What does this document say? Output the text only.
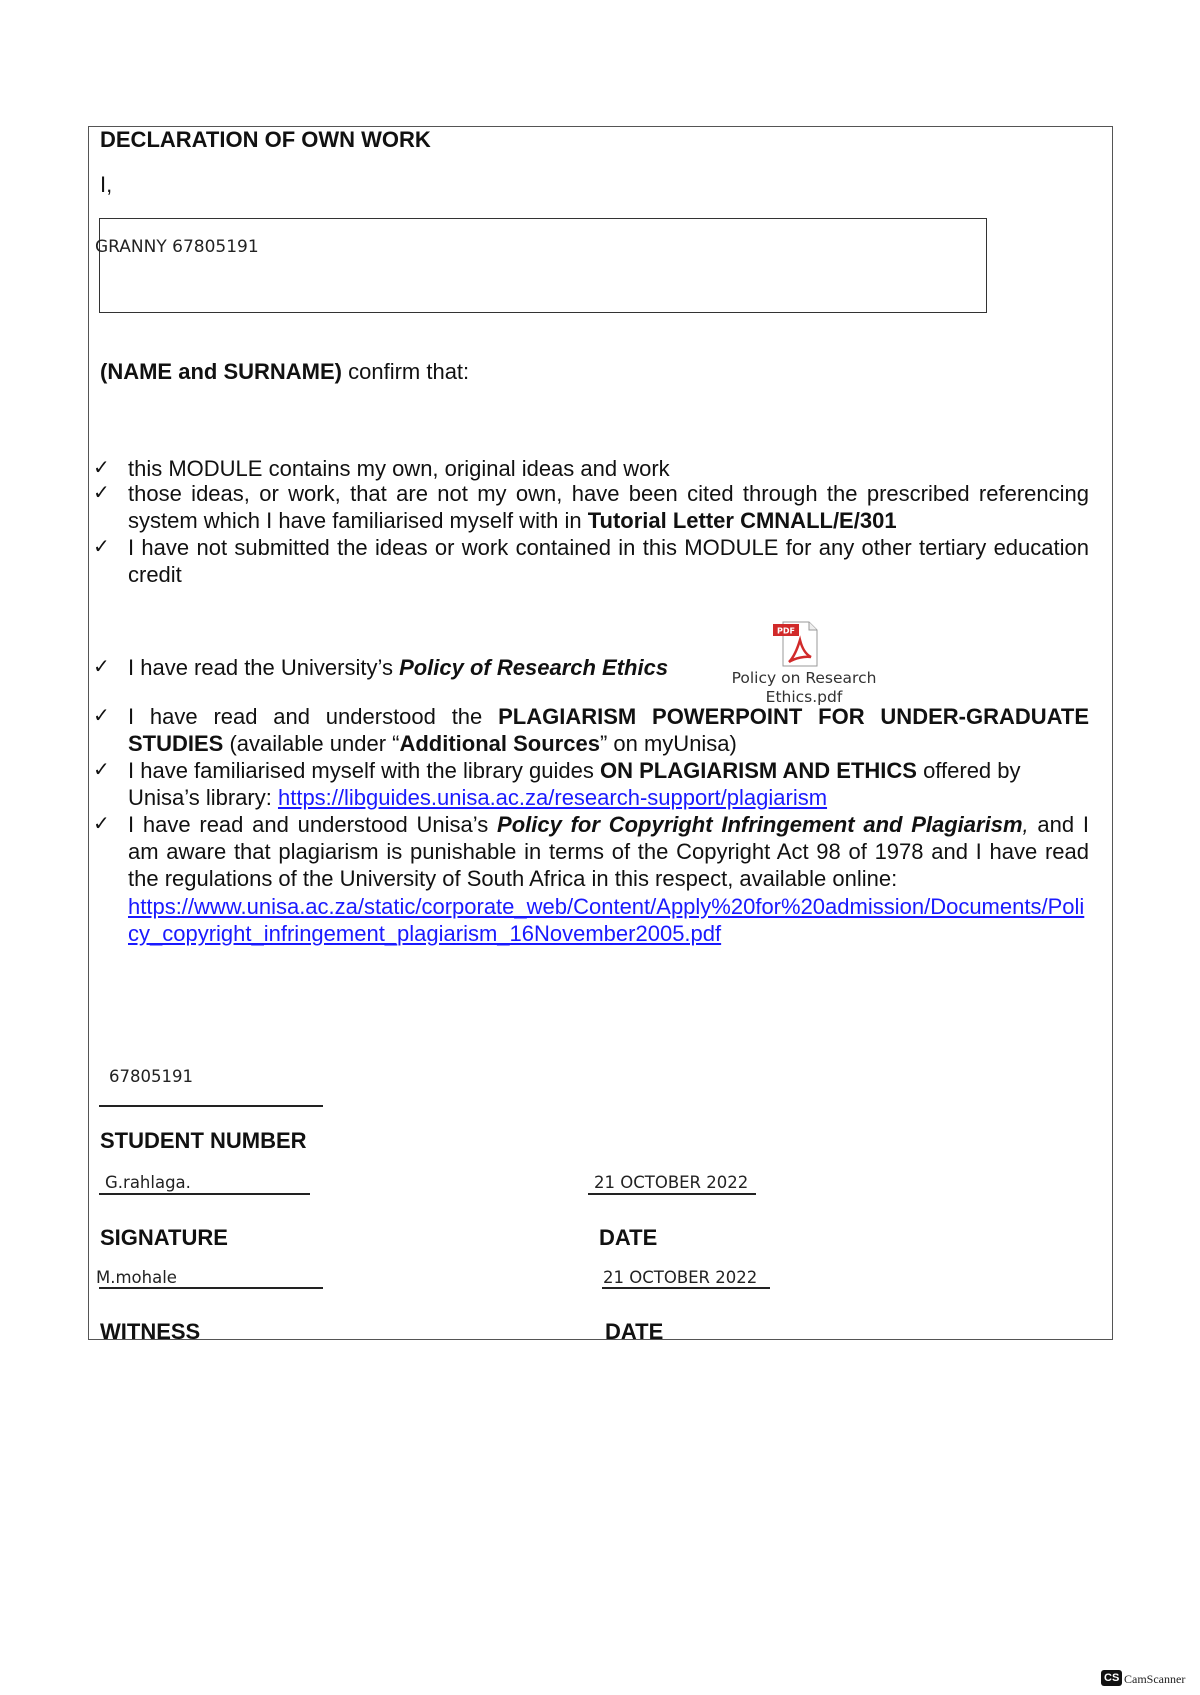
DECLARATION OF OWN WORK
I,
GRANNY 67805191
(NAME and SURNAME) confirm that:
✓ this MODULE contains my own, original ideas and work
✓ those ideas, or work, that are not my own, have been cited through the prescribed referencing system which I have familiarised myself with in Tutorial Letter CMNALL/E/301
✓ I have not submitted the ideas or work contained in this MODULE for any other tertiary education credit
✓ I have read the University’s Policy of Research Ethics
✓ I have read and understood the PLAGIARISM POWERPOINT FOR UNDER-GRADUATE STUDIES (available under “Additional Sources” on myUnisa)
✓ I have familiarised myself with the library guides ON PLAGIARISM AND ETHICS offered by Unisa’s library: https://libguides.unisa.ac.za/research-support/plagiarism
✓ I have read and understood Unisa’s Policy for Copyright Infringement and Plagiarism, and I am aware that plagiarism is punishable in terms of the Copyright Act 98 of 1978 and I have read the regulations of the University of South Africa in this respect, available online:
https://www.unisa.ac.za/static/corporate_web/Content/Apply%20for%20admission/Documents/Policy_copyright_infringement_plagiarism_16November2005.pdf
PDF
Policy on Research Ethics.pdf
67805191
STUDENT NUMBER
G.rahlaga.
SIGNATURE
21 OCTOBER 2022
DATE
M.mohale
WITNESS
21 OCTOBER 2022
DATE
CS CamScanner
